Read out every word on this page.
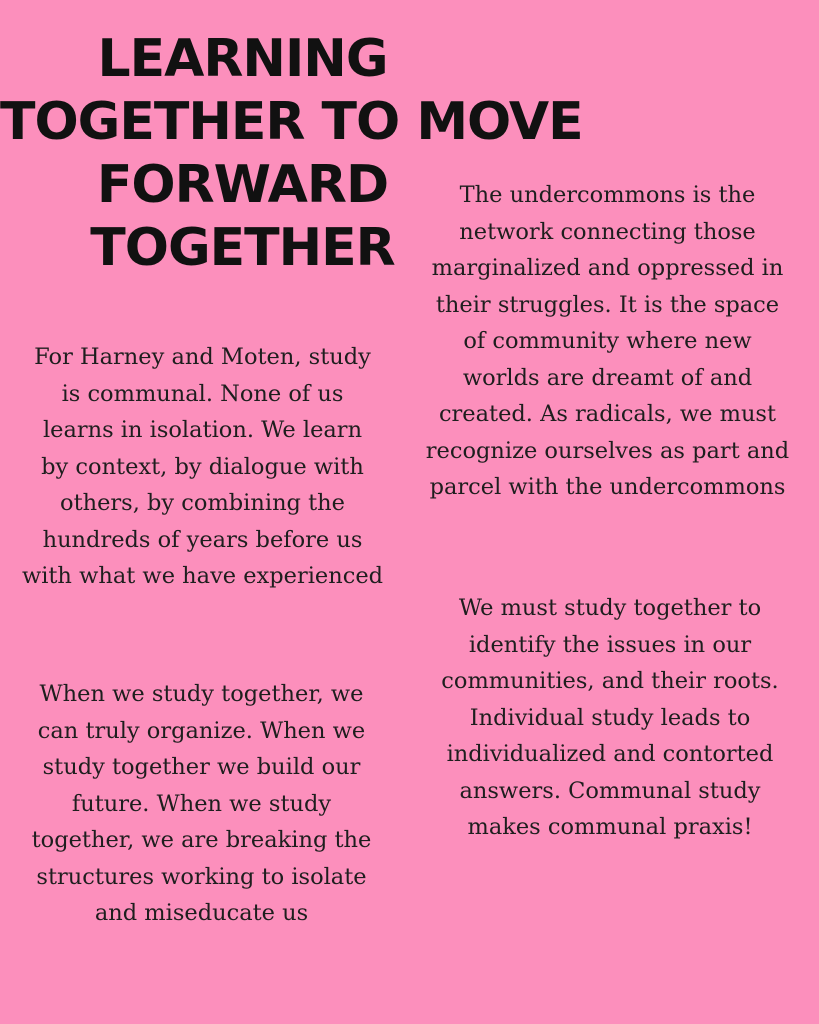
LEARNING
TOGETHER TO MOVE
FORWARD
TOGETHER

The undercommons is the
network connecting those
marginalized and oppressed in
their struggles. It is the space
of community where new
worlds are dreamt of and
created. As radicals, we must
recognize ourselves as part and
parcel with the undercommons

For Harney and Moten, study
is communal. None of us
learns in isolation. We learn
by context, by dialogue with
others, by combining the
hundreds of years before us
with what we have experienced

We must study together to
identify the issues in our
communities, and their roots.
Individual study leads to
individualized and contorted
answers. Communal study
makes communal praxis!

When we study together, we
can truly organize. When we
study together we build our
future. When we study
together, we are breaking the
structures working to isolate
and miseducate us
